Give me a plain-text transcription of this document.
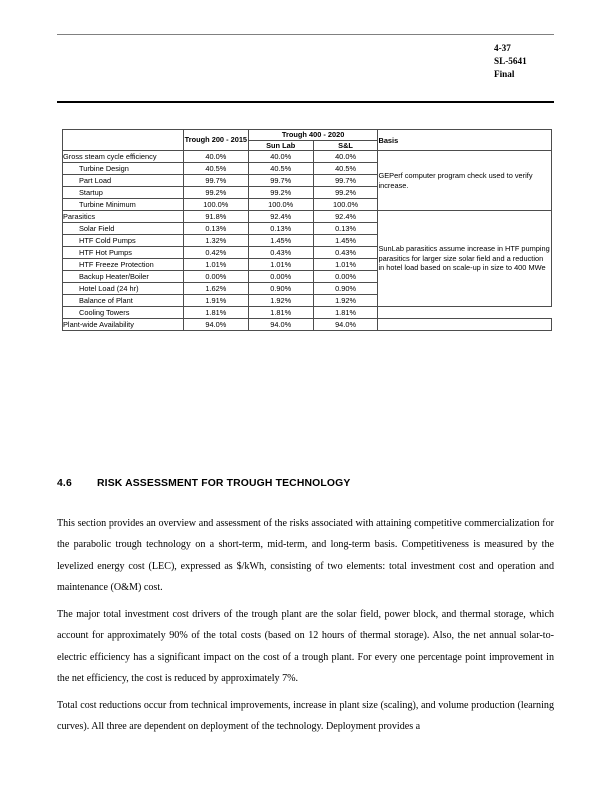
4-37
SL-5641
Final
	Trough 200 - 2015	Trough 400 - 2020		Basis
		Sun Lab	S&L	
Gross steam cycle efficiency	40.0%	40.0%	40.0%	GEPerf computer program check used to verify increase.
Turbine Design	40.5%	40.5%	40.5%	
Part Load	99.7%	99.7%	99.7%	
Startup	99.2%	99.2%	99.2%	
Turbine Minimum	100.0%	100.0%	100.0%	
Parasitics	91.8%	92.4%	92.4%	SunLab parasitics assume increase in HTF pumping parasitics for larger size solar field and a reduction in hotel load based on scale-up in size to 400 MWe
Solar Field	0.13%	0.13%	0.13%	
HTF Cold Pumps	1.32%	1.45%	1.45%	
HTF Hot Pumps	0.42%	0.43%	0.43%	
HTF Freeze Protection	1.01%	1.01%	1.01%	
Backup Heater/Boiler	0.00%	0.00%	0.00%	
Hotel Load (24 hr)	1.62%	0.90%	0.90%	
Balance of Plant	1.91%	1.92%	1.92%	
Cooling Towers	1.81%	1.81%	1.81%	
Plant-wide Availability	94.0%	94.0%	94.0%	
4.6 RISK ASSESSMENT FOR TROUGH TECHNOLOGY

This section provides an overview and assessment of the risks associated with attaining competitive commercialization for the parabolic trough technology on a short-term, mid-term, and long-term basis. Competitiveness is measured by the levelized energy cost (LEC), expressed as $/kWh, consisting of two elements: total investment cost and operation and maintenance (O&M) cost.

The major total investment cost drivers of the trough plant are the solar field, power block, and thermal storage, which account for approximately 90% of the total costs (based on 12 hours of thermal storage). Also, the net annual solar-to-electric efficiency has a significant impact on the cost of a trough plant. For every one percentage point improvement in the net efficiency, the cost is reduced by approximately 7%.

Total cost reductions occur from technical improvements, increase in plant size (scaling), and volume production (learning curves). All three are dependent on deployment of the technology. Deployment provides a
